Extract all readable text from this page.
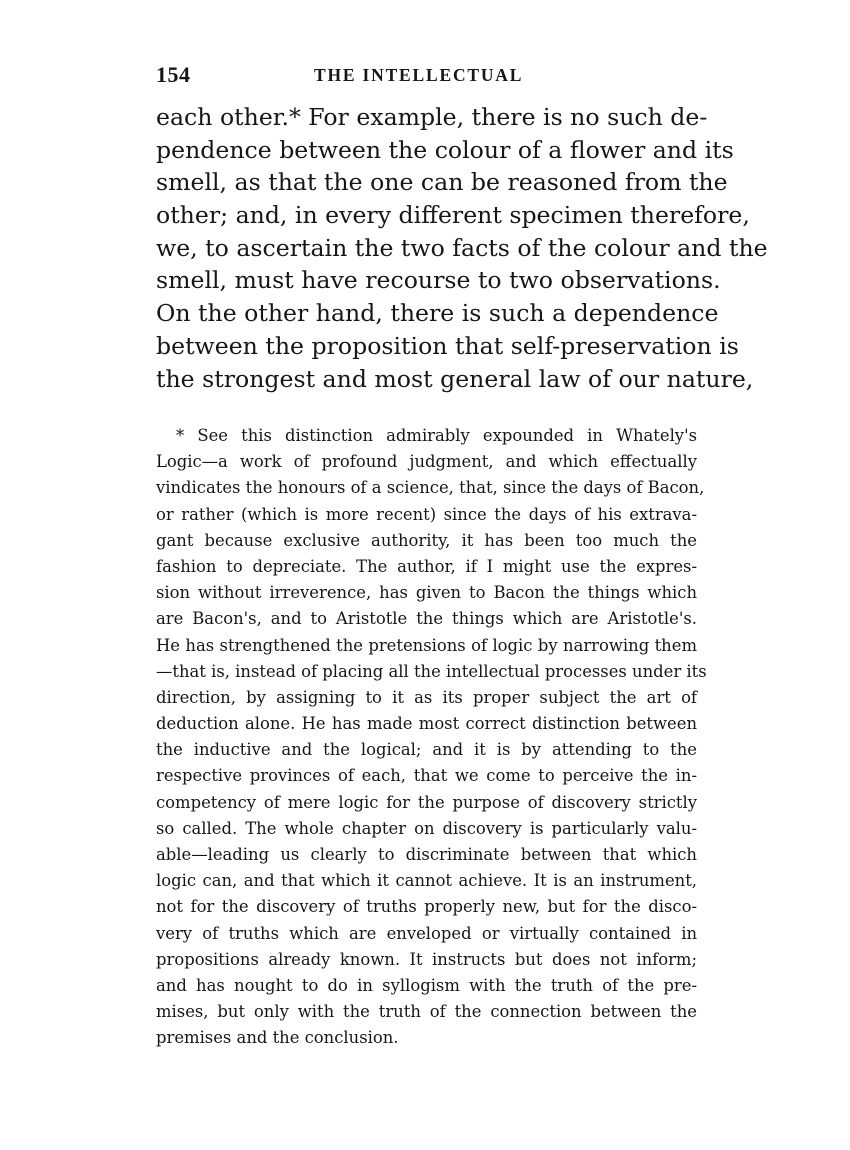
154	THE INTELLECTUAL
each other.* For example, there is no such de-
pendence between the colour of a flower and its
smell, as that the one can be reasoned from the
other; and, in every different specimen therefore,
we, to ascertain the two facts of the colour and the
smell, must have recourse to two observations.
On the other hand, there is such a dependence
between the proposition that self-preservation is
the strongest and most general law of our nature,
* See this distinction admirably expounded in Whately's
Logic—a work of profound judgment, and which effectually
vindicates the honours of a science, that, since the days of Bacon,
or rather (which is more recent) since the days of his extrava-
gant because exclusive authority, it has been too much the
fashion to depreciate. The author, if I might use the expres-
sion without irreverence, has given to Bacon the things which
are Bacon's, and to Aristotle the things which are Aristotle's.
He has strengthened the pretensions of logic by narrowing them
—that is, instead of placing all the intellectual processes under its
direction, by assigning to it as its proper subject the art of
deduction alone. He has made most correct distinction between
the inductive and the logical; and it is by attending to the
respective provinces of each, that we come to perceive the in-
competency of mere logic for the purpose of discovery strictly
so called. The whole chapter on discovery is particularly valu-
able—leading us clearly to discriminate between that which
logic can, and that which it cannot achieve. It is an instrument,
not for the discovery of truths properly new, but for the disco-
very of truths which are enveloped or virtually contained in
propositions already known. It instructs but does not inform;
and has nought to do in syllogism with the truth of the pre-
mises, but only with the truth of the connection between the
premises and the conclusion.
